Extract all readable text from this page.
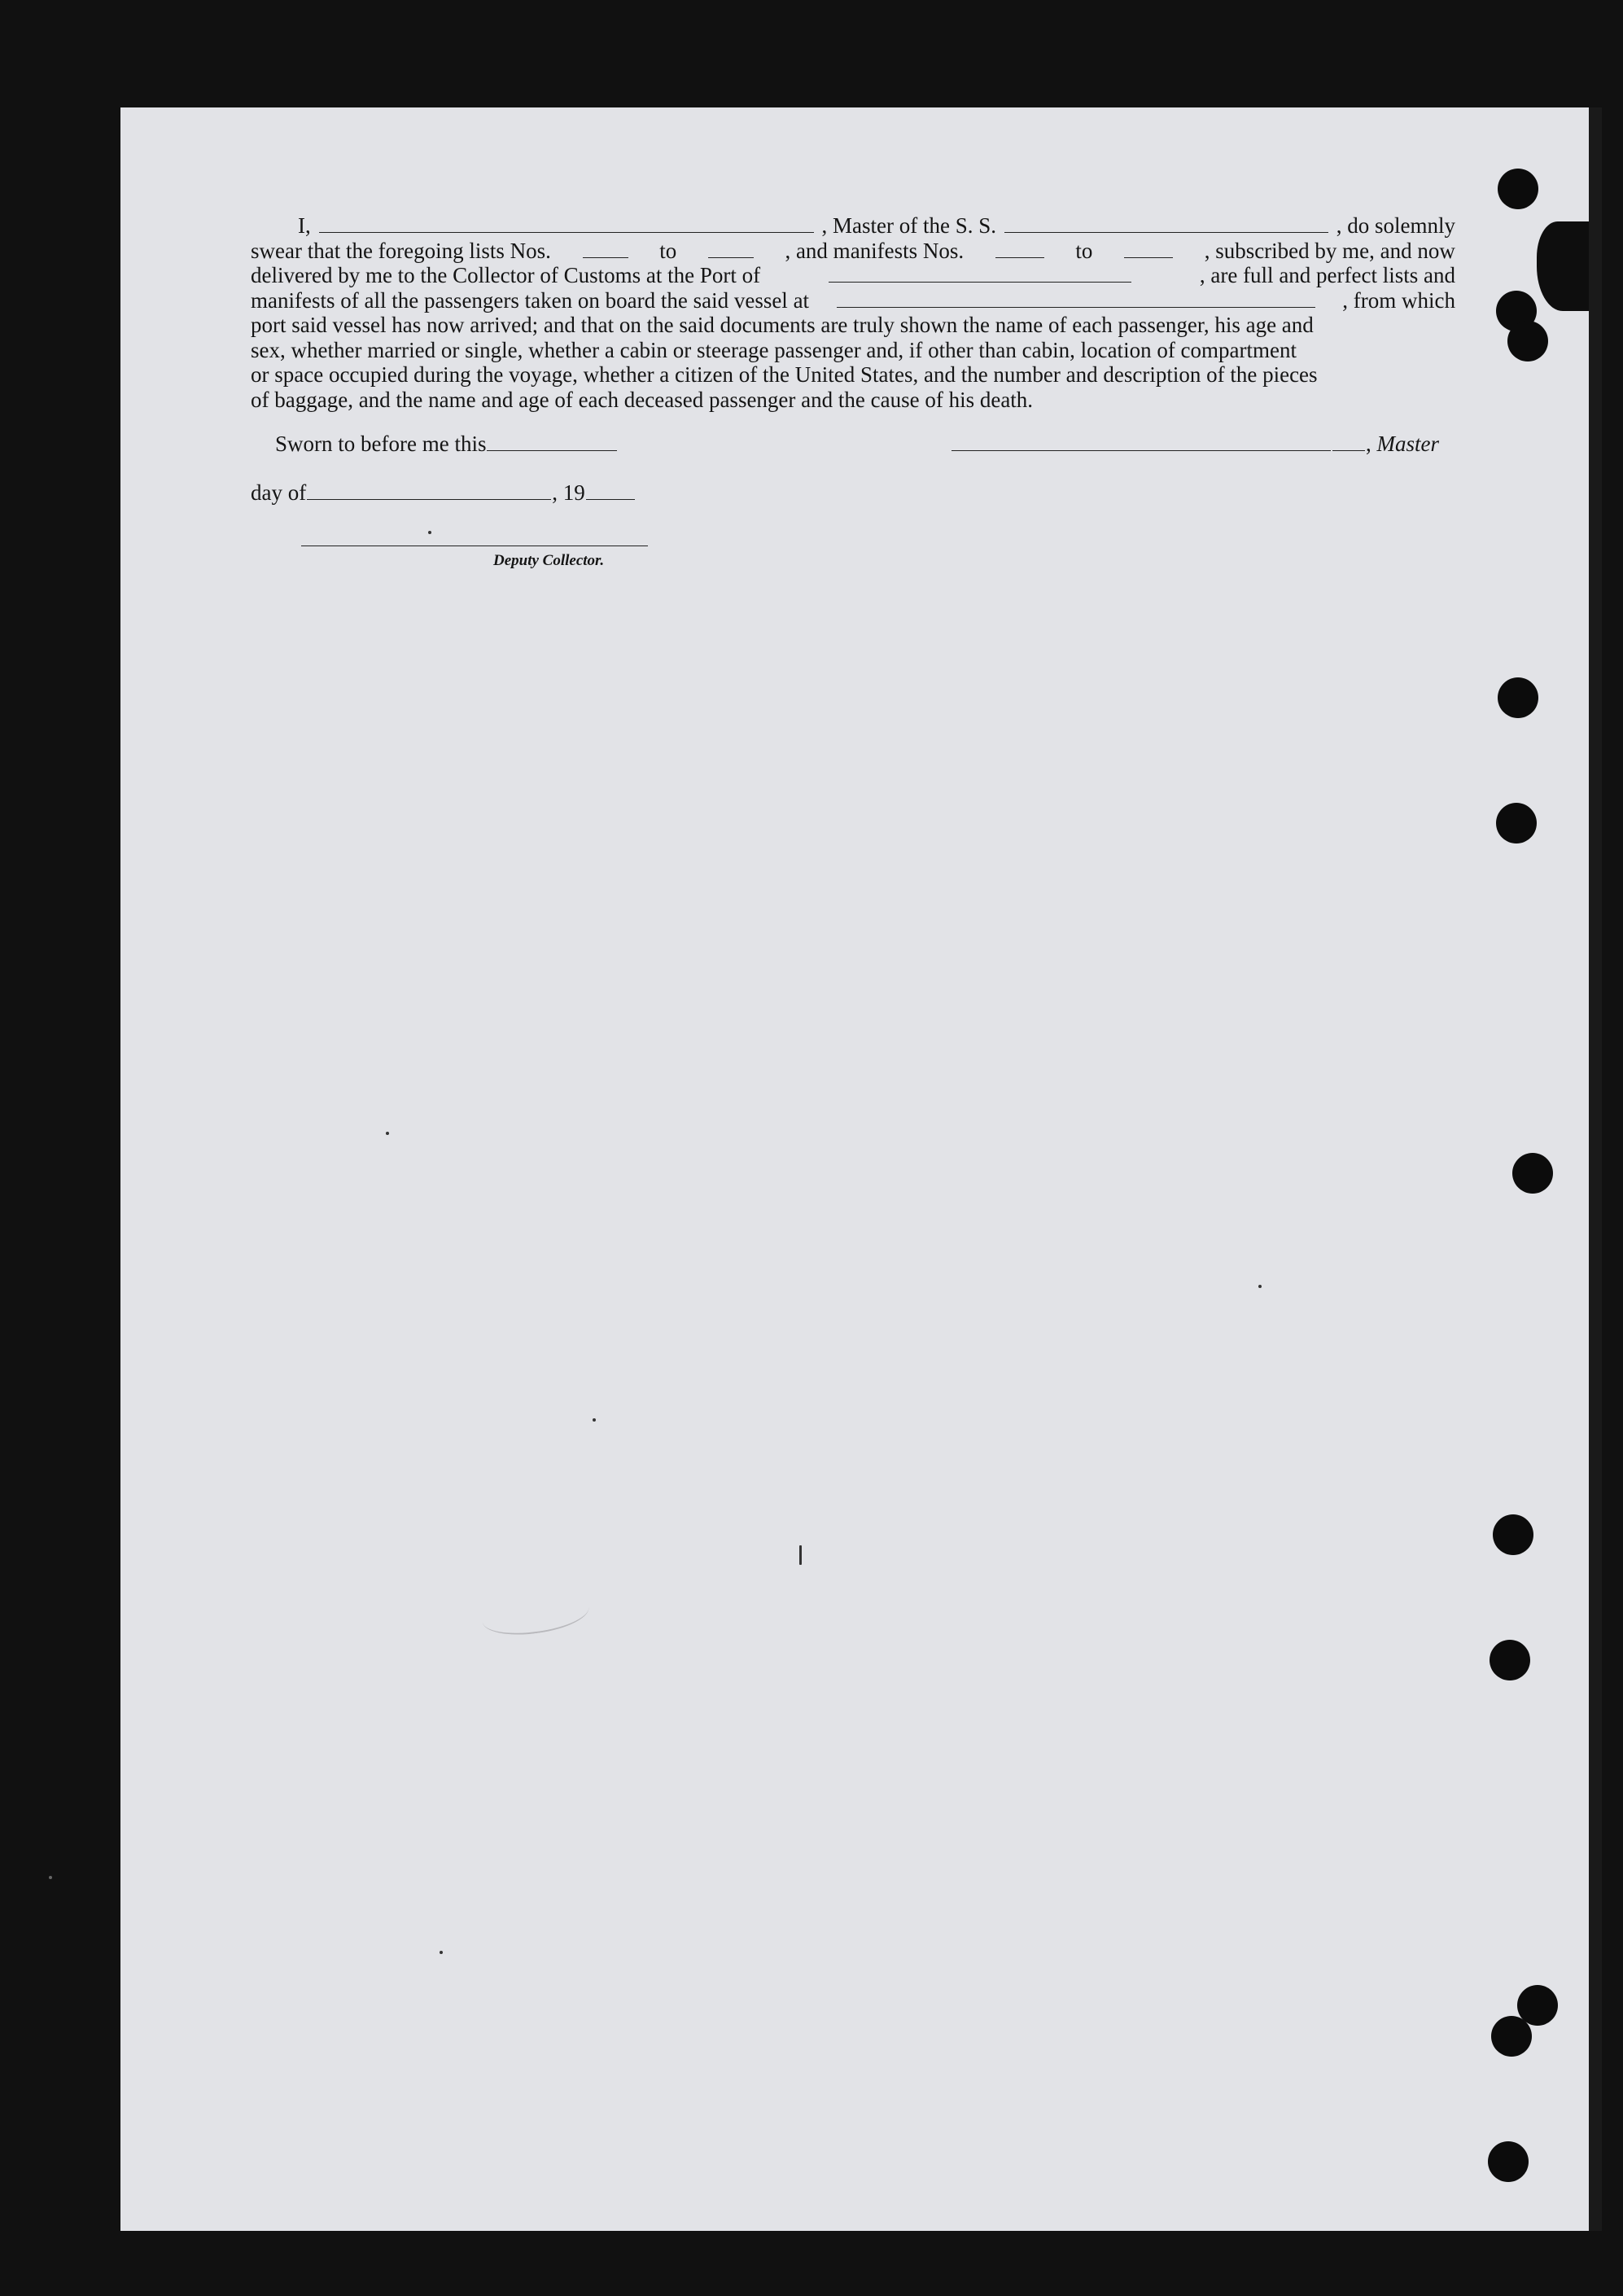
I,	, Master of the S. S.	, do solemnly
swear that the foregoing lists Nos.	to	, and manifests Nos.	to	, subscribed by me, and now
delivered by me to the Collector of Customs at the Port of	, are full and perfect lists and
manifests of all the passengers taken on board the said vessel at	, from which
port said vessel has now arrived; and that on the said documents are truly shown the name of each passenger, his age and
sex, whether married or single, whether a cabin or steerage passenger and, if other than cabin, location of compartment
or space occupied during the voyage, whether a citizen of the United States, and the number and description of the pieces
of baggage, and the name and age of each deceased passenger and the cause of his death.
Sworn to before me this	, Master
day of	, 19
Deputy Collector.
